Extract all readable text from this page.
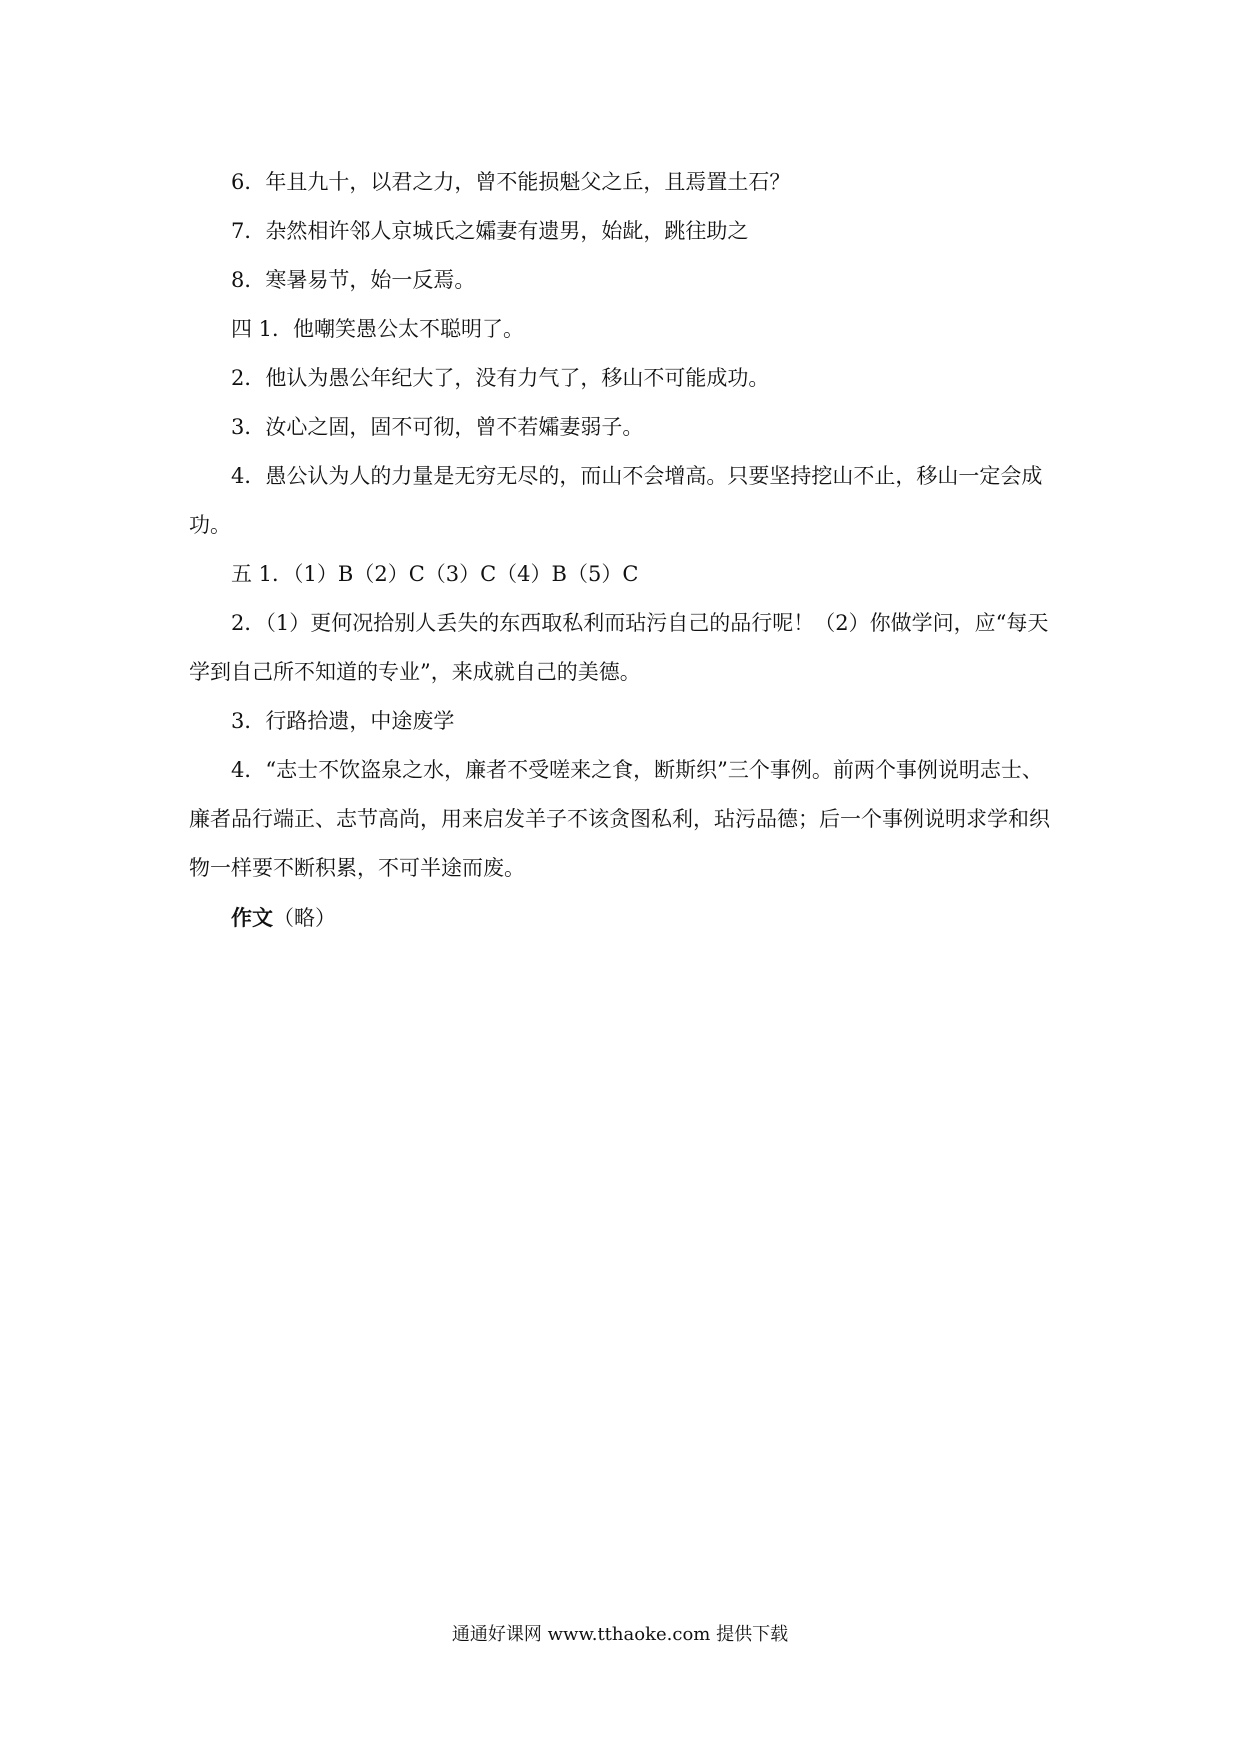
6．年且九十，以君之力，曾不能损魁父之丘，且焉置土石？

7．杂然相许邻人京城氏之孀妻有遗男，始龀，跳往助之

8．寒暑易节，始一反焉。

四 1．他嘲笑愚公太不聪明了。

2．他认为愚公年纪大了，没有力气了，移山不可能成功。

3．汝心之固，固不可彻，曾不若孀妻弱子。

4．愚公认为人的力量是无穷无尽的，而山不会增高。只要坚持挖山不止，移山一定会成功。

五 1．（1）B（2）C（3）C（4）B（5）C

2．（1）更何况拾别人丢失的东西取私利而玷污自己的品行呢！（2）你做学问，应“每天学到自己所不知道的专业”，来成就自己的美德。

3．行路拾遗，中途废学

4．“志士不饮盗泉之水，廉者不受嗟来之食，断斯织”三个事例。前两个事例说明志士、廉者品行端正、志节高尚，用来启发羊子不该贪图私利，玷污品德；后一个事例说明求学和织物一样要不断积累，不可半途而废。

作文（略）

通通好课网 www.tthaoke.com 提供下载
